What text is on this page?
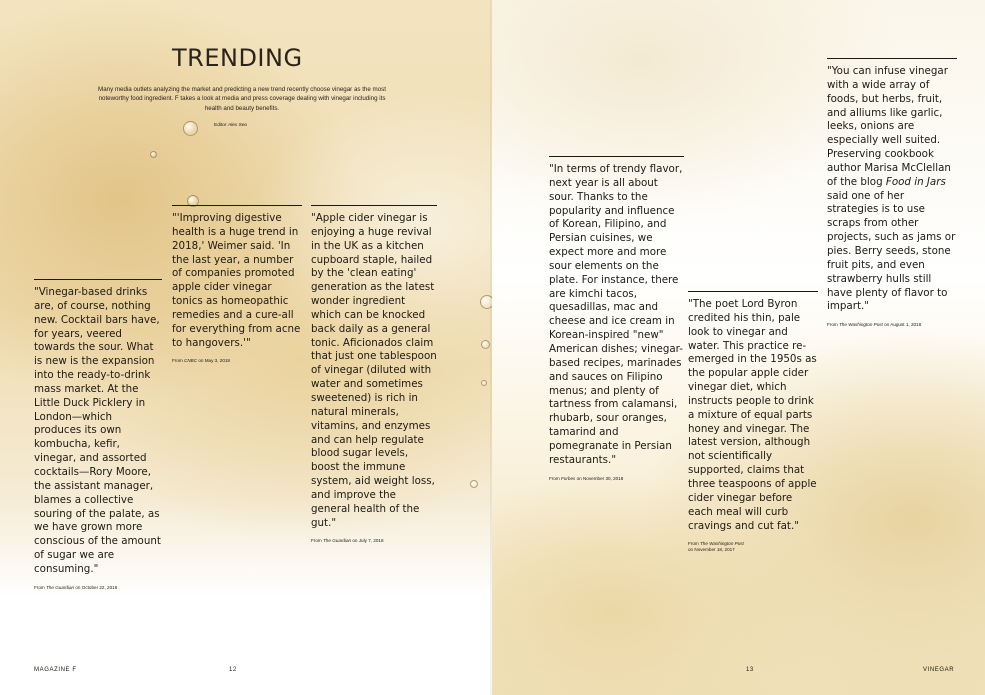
TRENDING

Many media outlets analyzing the market and predicting a new trend recently choose vinegar as the most noteworthy food ingredient. F takes a look at media and press coverage dealing with vinegar including its health and beauty benefits.

Editor Alex Seo

"Vinegar-based drinks are, of course, nothing new. Cocktail bars have, for years, veered towards the sour. What is new is the expansion into the ready-to-drink mass market. At the Little Duck Picklery in London—which produces its own kombucha, kefir, vinegar, and assorted cocktails—Rory Moore, the assistant manager, blames a collective souring of the palate, as we have grown more conscious of the amount of sugar we are consuming."

From The Guardian on October 22, 2018

"'Improving digestive health is a huge trend in 2018,' Weimer said. 'In the last year, a number of companies promoted apple cider vinegar tonics as homeopathic remedies and a cure-all for everything from acne to hangovers.'"

From CNBC on May 3, 2018

"Apple cider vinegar is enjoying a huge revival in the UK as a kitchen cupboard staple, hailed by the 'clean eating' generation as the latest wonder ingredient which can be knocked back daily as a general tonic. Aficionados claim that just one tablespoon of vinegar (diluted with water and sometimes sweetened) is rich in natural minerals, vitamins, and enzymes and can help regulate blood sugar levels, boost the immune system, aid weight loss, and improve the general health of the gut."

From The Guardian on July 7, 2018

MAGAZINE F	12

"In terms of trendy flavor, next year is all about sour. Thanks to the popularity and influence of Korean, Filipino, and Persian cuisines, we expect more and more sour elements on the plate. For instance, there are kimchi tacos, quesadillas, mac and cheese and ice cream in Korean-inspired "new" American dishes; vinegar-based recipes, marinades and sauces on Filipino menus; and plenty of tartness from calamansi, rhubarb, sour oranges, tamarind and pomegranate in Persian restaurants."

From Forbes on November 30, 2018

"The poet Lord Byron credited his thin, pale look to vinegar and water. This practice re-emerged in the 1950s as the popular apple cider vinegar diet, which instructs people to drink a mixture of equal parts honey and vinegar. The latest version, although not scientifically supported, claims that three teaspoons of apple cider vinegar before each meal will curb cravings and cut fat."

From The Washington Post
on November 18, 2017

"You can infuse vinegar with a wide array of foods, but herbs, fruit, and alliums like garlic, leeks, onions are especially well suited. Preserving cookbook author Marisa McClellan of the blog Food in Jars said one of her strategies is to use scraps from other projects, such as jams or pies. Berry seeds, stone fruit pits, and even strawberry hulls still have plenty of flavor to impart."

From The Washington Post on August 1, 2018

13	VINEGAR
